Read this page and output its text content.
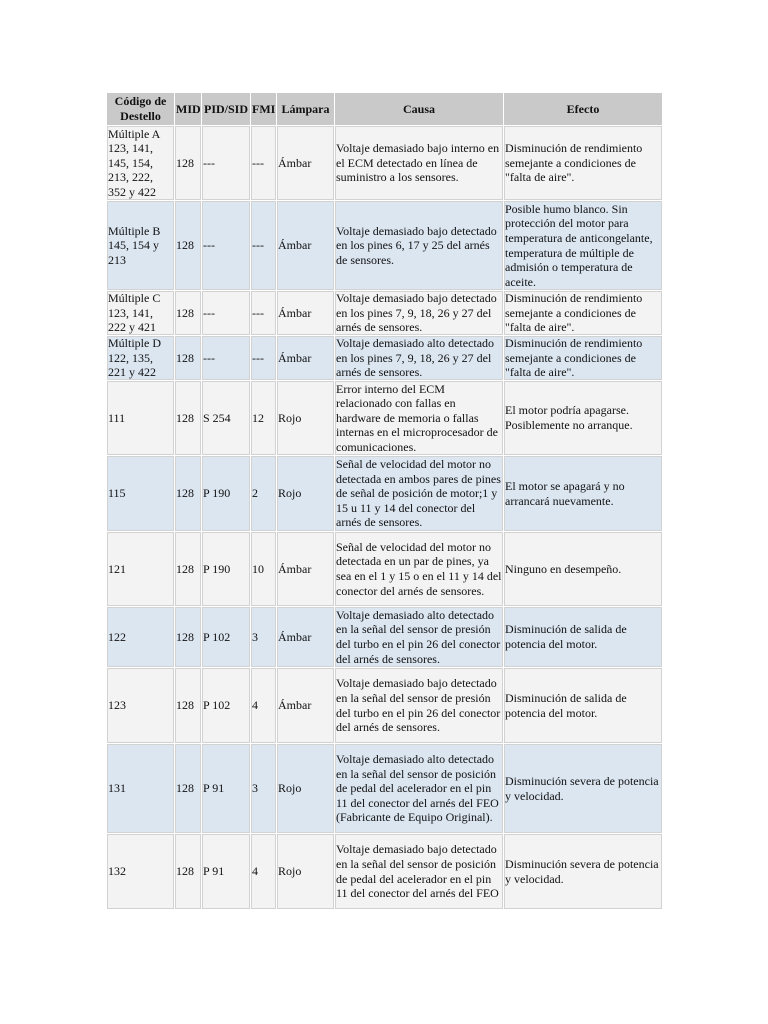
Código de Destello	MID	PID/SID	FMI	Lámpara	Causa	Efecto
Múltiple A 123, 141, 145, 154, 213, 222, 352 y 422	128	---	---	Ámbar	Voltaje demasiado bajo interno en el ECM detectado en línea de suministro a los sensores.	Disminución de rendimiento semejante a condiciones de "falta de aire".
Múltiple B 145, 154 y 213	128	---	---	Ámbar	Voltaje demasiado bajo detectado en los pines 6, 17 y 25 del arnés de sensores.	Posible humo blanco. Sin protección del motor para temperatura de anticongelante, temperatura de múltiple de admisión o temperatura de aceite.
Múltiple C 123, 141, 222 y 421	128	---	---	Ámbar	Voltaje demasiado bajo detectado en los pines 7, 9, 18, 26 y 27 del arnés de sensores.	Disminución de rendimiento semejante a condiciones de "falta de aire".
Múltiple D 122, 135, 221 y 422	128	---	---	Ámbar	Voltaje demasiado alto detectado en los pines 7, 9, 18, 26 y 27 del arnés de sensores.	Disminución de rendimiento semejante a condiciones de "falta de aire".
111	128	S 254	12	Rojo	Error interno del ECM relacionado con fallas en hardware de memoria o fallas internas en el microprocesador de comunicaciones.	El motor podría apagarse. Posiblemente no arranque.
115	128	P 190	2	Rojo	Señal de velocidad del motor no detectada en ambos pares de pines de señal de posición de motor;1 y 15 u 11 y 14 del conector del arnés de sensores.	El motor se apagará y no arrancará nuevamente.
121	128	P 190	10	Ámbar	Señal de velocidad del motor no detectada en un par de pines, ya sea en el 1 y 15 o en el 11 y 14 del conector del arnés de sensores.	Ninguno en desempeño.
122	128	P 102	3	Ámbar	Voltaje demasiado alto detectado en la señal del sensor de presión del turbo en el pin 26 del conector del arnés de sensores.	Disminución de salida de potencia del motor.
123	128	P 102	4	Ámbar	Voltaje demasiado bajo detectado en la señal del sensor de presión del turbo en el pin 26 del conector del arnés de sensores.	Disminución de salida de potencia del motor.
131	128	P 91	3	Rojo	Voltaje demasiado alto detectado en la señal del sensor de posición de pedal del acelerador en el pin 11 del conector del arnés del FEO (Fabricante de Equipo Original).	Disminución severa de potencia y velocidad.
132	128	P 91	4	Rojo	Voltaje demasiado bajo detectado en la señal del sensor de posición de pedal del acelerador en el pin 11 del conector del arnés del FEO	Disminución severa de potencia y velocidad.
